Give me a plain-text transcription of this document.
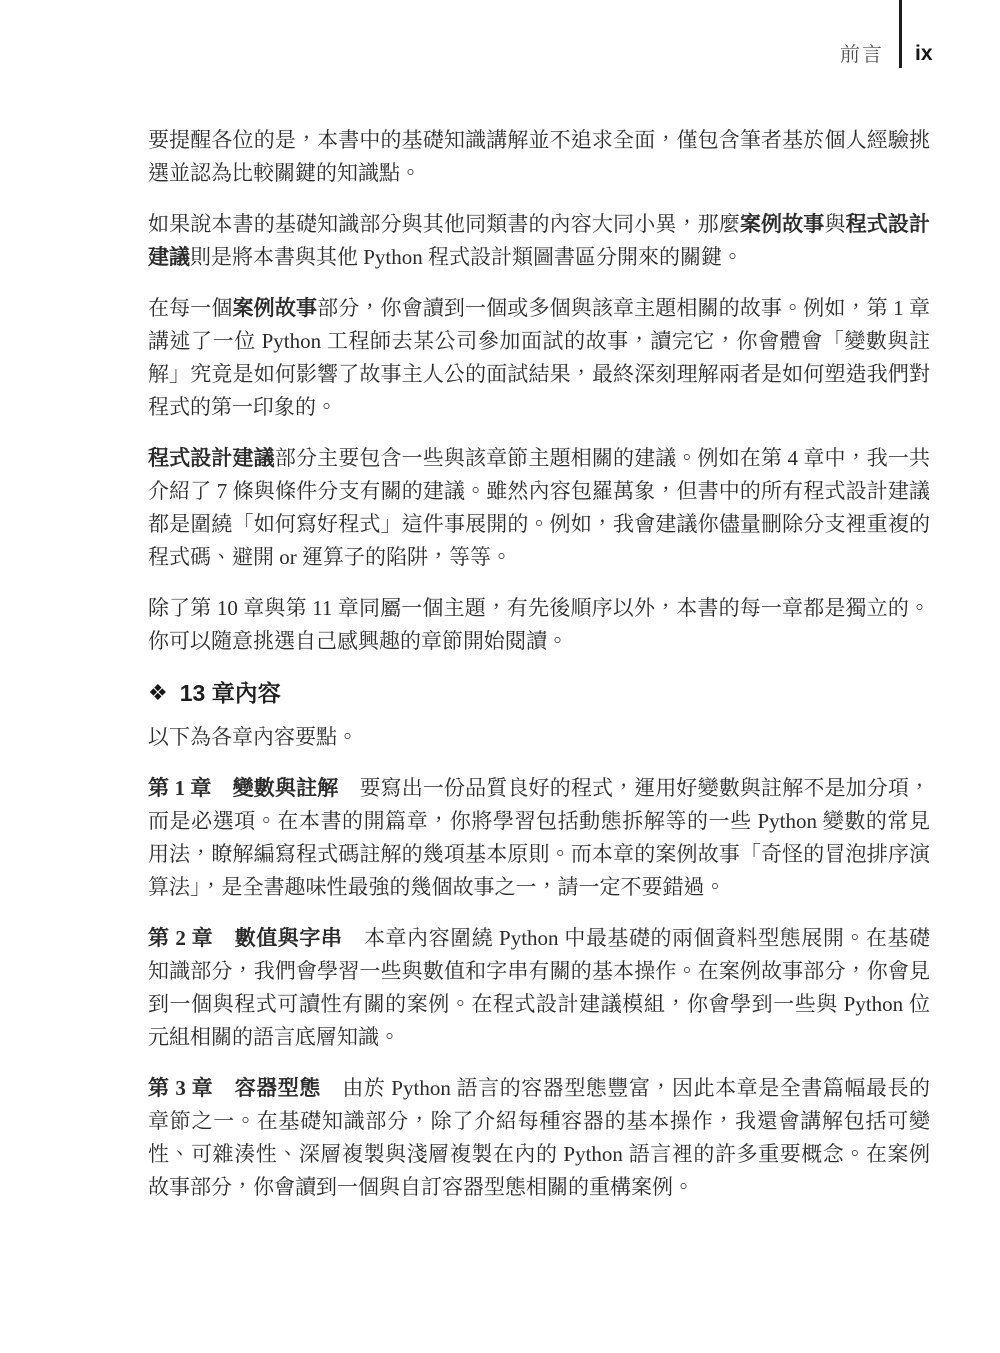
前言 ix

要提醒各位的是，本書中的基礎知識講解並不追求全面，僅包含筆者基於個人經驗挑選並認為比較關鍵的知識點。

如果說本書的基礎知識部分與其他同類書的內容大同小異，那麼案例故事與程式設計建議則是將本書與其他 Python 程式設計類圖書區分開來的關鍵。

在每一個案例故事部分，你會讀到一個或多個與該章主題相關的故事。例如，第 1 章講述了一位 Python 工程師去某公司參加面試的故事，讀完它，你會體會「變數與註解」究竟是如何影響了故事主人公的面試結果，最終深刻理解兩者是如何塑造我們對程式的第一印象的。

程式設計建議部分主要包含一些與該章節主題相關的建議。例如在第 4 章中，我一共介紹了 7 條與條件分支有關的建議。雖然內容包羅萬象，但書中的所有程式設計建議都是圍繞「如何寫好程式」這件事展開的。例如，我會建議你儘量刪除分支裡重複的程式碼、避開 or 運算子的陷阱，等等。

除了第 10 章與第 11 章同屬一個主題，有先後順序以外，本書的每一章都是獨立的。你可以隨意挑選自己感興趣的章節開始閱讀。

❖ 13 章內容

以下為各章內容要點。

第 1 章　變數與註解　要寫出一份品質良好的程式，運用好變數與註解不是加分項，而是必選項。在本書的開篇章，你將學習包括動態拆解等的一些 Python 變數的常見用法，瞭解編寫程式碼註解的幾項基本原則。而本章的案例故事「奇怪的冒泡排序演算法」，是全書趣味性最強的幾個故事之一，請一定不要錯過。

第 2 章　數值與字串　本章內容圍繞 Python 中最基礎的兩個資料型態展開。在基礎知識部分，我們會學習一些與數值和字串有關的基本操作。在案例故事部分，你會見到一個與程式可讀性有關的案例。在程式設計建議模組，你會學到一些與 Python 位元組相關的語言底層知識。

第 3 章　容器型態　由於 Python 語言的容器型態豐富，因此本章是全書篇幅最長的章節之一。在基礎知識部分，除了介紹每種容器的基本操作，我還會講解包括可變性、可雜湊性、深層複製與淺層複製在內的 Python 語言裡的許多重要概念。在案例故事部分，你會讀到一個與自訂容器型態相關的重構案例。
